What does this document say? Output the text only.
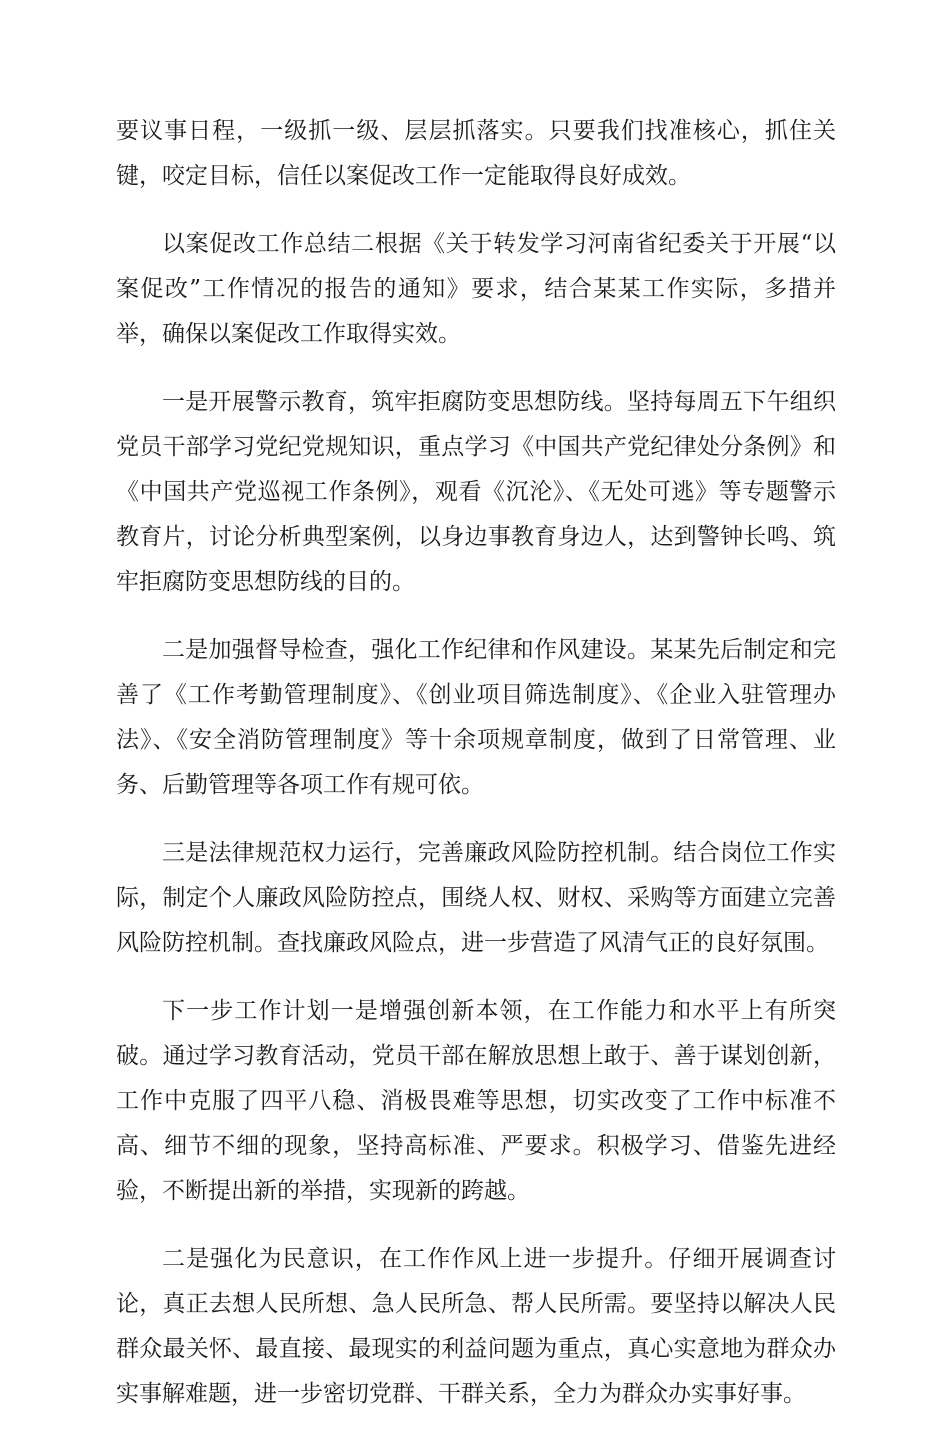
要议事日程，一级抓一级、层层抓落实。只要我们找准核心，抓住关键，咬定目标，信任以案促改工作一定能取得良好成效。

以案促改工作总结二根据《关于转发学习河南省纪委关于开展“以案促改”工作情况的报告的通知》要求，结合某某工作实际，多措并举，确保以案促改工作取得实效。

一是开展警示教育，筑牢拒腐防变思想防线。坚持每周五下午组织党员干部学习党纪党规知识，重点学习《中国共产党纪律处分条例》和《中国共产党巡视工作条例》，观看《沉沦》、《无处可逃》等专题警示教育片，讨论分析典型案例，以身边事教育身边人，达到警钟长鸣、筑牢拒腐防变思想防线的目的。

二是加强督导检查，强化工作纪律和作风建设。某某先后制定和完善了《工作考勤管理制度》、《创业项目筛选制度》、《企业入驻管理办法》、《安全消防管理制度》等十余项规章制度，做到了日常管理、业务、后勤管理等各项工作有规可依。

三是法律规范权力运行，完善廉政风险防控机制。结合岗位工作实际，制定个人廉政风险防控点，围绕人权、财权、采购等方面建立完善风险防控机制。查找廉政风险点，进一步营造了风清气正的良好氛围。

下一步工作计划一是增强创新本领，在工作能力和水平上有所突破。通过学习教育活动，党员干部在解放思想上敢于、善于谋划创新，工作中克服了四平八稳、消极畏难等思想，切实改变了工作中标准不高、细节不细的现象，坚持高标准、严要求。积极学习、借鉴先进经验，不断提出新的举措，实现新的跨越。

二是强化为民意识，在工作作风上进一步提升。仔细开展调查讨论，真正去想人民所想、急人民所急、帮人民所需。要坚持以解决人民群众最关怀、最直接、最现实的利益问题为重点，真心实意地为群众办实事解难题，进一步密切党群、干群关系，全力为群众办实事好事。
